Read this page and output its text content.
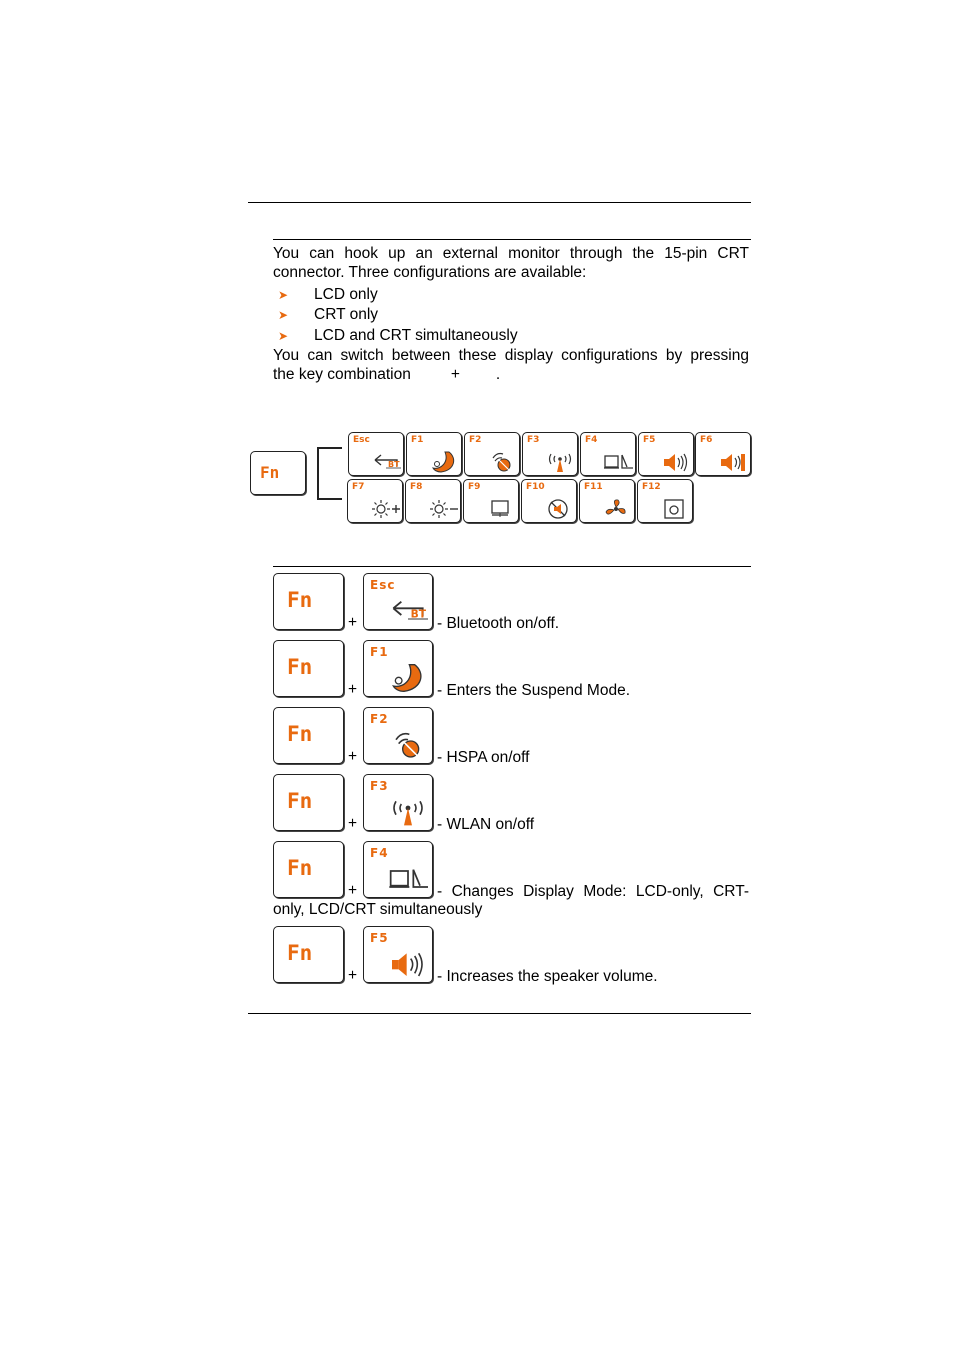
You can hook up an external monitor through the 15-pin CRT connector. Three configurations are available:
➤ LCD only
➤ CRT only
➤ LCD and CRT simultaneously
You can switch between these display configurations by pressing
the key combination	+ .
Fn
Esc
BT
F1	F2	F3	F4	F5	F6
F7	F8	F9	F10	F11	F12
Fn
+
Esc
BT
- Bluetooth on/off.
Fn
+
F1
- Enters the Suspend Mode.
Fn
+
F2
- HSPA on/off
Fn
+
F3
- WLAN on/off
Fn
+
F4
- Changes Display Mode: LCD-only, CRT-
only, LCD/CRT simultaneously
Fn
+
F5
- Increases the speaker volume.
